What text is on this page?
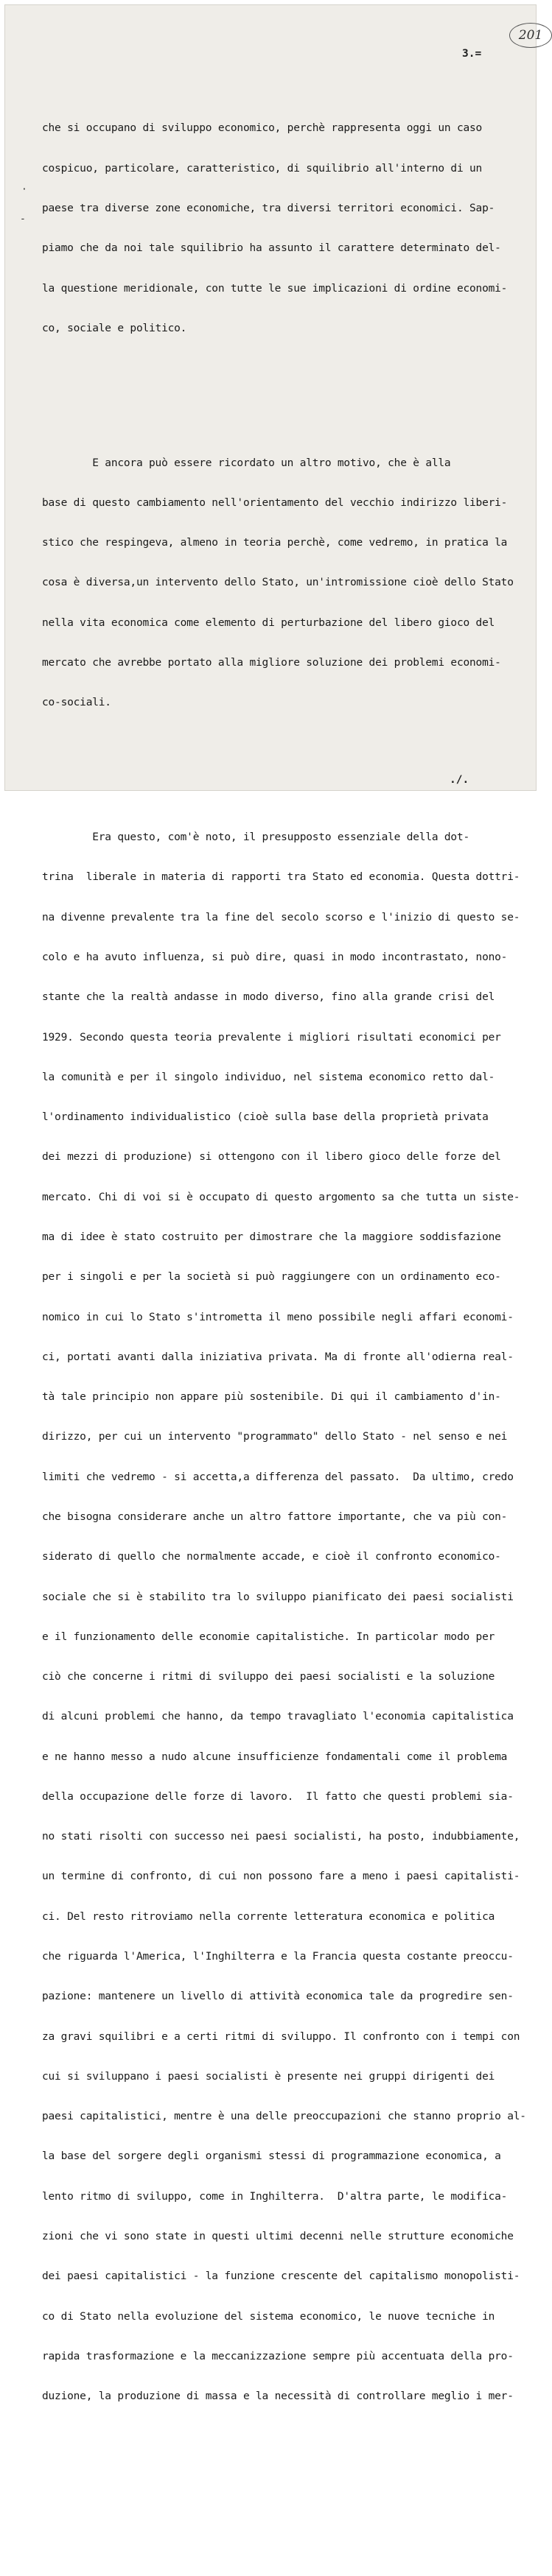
201
3.=
·
-

che si occupano di sviluppo economico, perchè rappresenta oggi un caso

cospicuo, particolare, caratteristico, di squilibrio all'interno di un

paese tra diverse zone economiche, tra diversi territori economici. Sap-

piamo che da noi tale squilibrio ha assunto il carattere determinato del-

la questione meridionale, con tutte le sue implicazioni di ordine economi-

co, sociale e politico.

E ancora può essere ricordato un altro motivo, che è alla

base di questo cambiamento nell'orientamento del vecchio indirizzo liberi-

stico che respingeva, almeno in teoria perchè, come vedremo, in pratica la

cosa è diversa,un intervento dello Stato, un'intromissione cioè dello Stato

nella vita economica come elemento di perturbazione del libero gioco del

mercato che avrebbe portato alla migliore soluzione dei problemi economi-

co-sociali.

Era questo, com'è noto, il presupposto essenziale della dot-

trina  liberale in materia di rapporti tra Stato ed economia. Questa dottri-

na divenne prevalente tra la fine del secolo scorso e l'inizio di questo se-

colo e ha avuto influenza, si può dire, quasi in modo incontrastato, nono-

stante che la realtà andasse in modo diverso, fino alla grande crisi del

1929. Secondo questa teoria prevalente i migliori risultati economici per

la comunità e per il singolo individuo, nel sistema economico retto dal-

l'ordinamento individualistico (cioè sulla base della proprietà privata

dei mezzi di produzione) si ottengono con il libero gioco delle forze del

mercato. Chi di voi si è occupato di questo argomento sa che tutta un siste-

ma di idee è stato costruito per dimostrare che la maggiore soddisfazione

per i singoli e per la società si può raggiungere con un ordinamento eco-

nomico in cui lo Stato s'intrometta il meno possibile negli affari economi-

ci, portati avanti dalla iniziativa privata. Ma di fronte all'odierna real-

tà tale principio non appare più sostenibile. Di qui il cambiamento d'in-

dirizzo, per cui un intervento "programmato" dello Stato - nel senso e nei

limiti che vedremo - si accetta,a differenza del passato.  Da ultimo, credo

che bisogna considerare anche un altro fattore importante, che va più con-

siderato di quello che normalmente accade, e cioè il confronto economico-

sociale che si è stabilito tra lo sviluppo pianificato dei paesi socialisti

e il funzionamento delle economie capitalistiche. In particolar modo per

ciò che concerne i ritmi di sviluppo dei paesi socialisti e la soluzione

di alcuni problemi che hanno, da tempo travagliato l'economia capitalistica

e ne hanno messo a nudo alcune insufficienze fondamentali come il problema

della occupazione delle forze di lavoro.  Il fatto che questi problemi sia-

no stati risolti con successo nei paesi socialisti, ha posto, indubbiamente,

un termine di confronto, di cui non possono fare a meno i paesi capitalisti-

ci. Del resto ritroviamo nella corrente letteratura economica e politica

che riguarda l'America, l'Inghilterra e la Francia questa costante preoccu-

pazione: mantenere un livello di attività economica tale da progredire sen-

za gravi squilibri e a certi ritmi di sviluppo. Il confronto con i tempi con

cui si sviluppano i paesi socialisti è presente nei gruppi dirigenti dei

paesi capitalistici, mentre è una delle preoccupazioni che stanno proprio al-

la base del sorgere degli organismi stessi di programmazione economica, a

lento ritmo di sviluppo, come in Inghilterra.  D'altra parte, le modifica-

zioni che vi sono state in questi ultimi decenni nelle strutture economiche

dei paesi capitalistici - la funzione crescente del capitalismo monopolisti-

co di Stato nella evoluzione del sistema economico, le nuove tecniche in

rapida trasformazione e la meccanizzazione sempre più accentuata della pro-

duzione, la produzione di massa e la necessità di controllare meglio i mer-

./.
